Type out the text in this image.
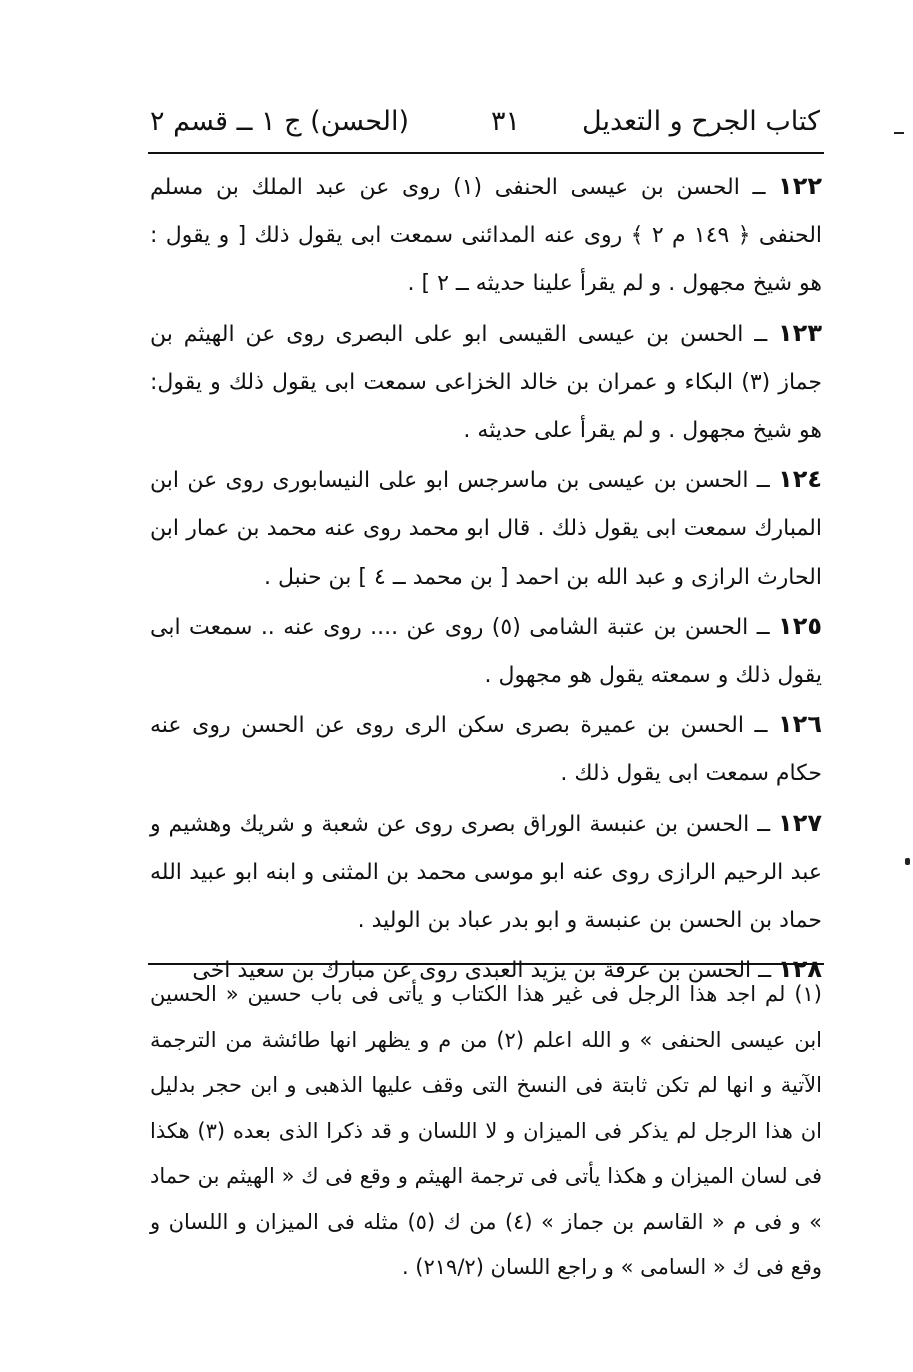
كتاب الجرح و التعديل
٣١
(الحسن) ج ١ ــ قسم ٢

١٢٢ ــ الحسن بن عيسى الحنفى (١) روى عن عبد الملك بن مسلم الحنفى ﴿ ١٤٩ م ٢ ﴾ روى عنه المدائنى سمعت ابى يقول ذلك [ و يقول : هو شيخ مجهول . و لم يقرأ علينا حديثه ــ ٢ ] .

١٢٣ ــ الحسن بن عيسى القيسى ابو على البصرى روى عن الهيثم بن جماز (٣) البكاء و عمران بن خالد الخزاعى سمعت ابى يقول ذلك و يقول: هو شيخ مجهول . و لم يقرأ على حديثه .

١٢٤ ــ الحسن بن عيسى بن ماسرجس ابو على النيسابورى روى عن ابن المبارك سمعت ابى يقول ذلك . قال ابو محمد روى عنه محمد بن عمار ابن الحارث الرازى و عبد الله بن احمد [ بن محمد ــ ٤ ] بن حنبل .

١٢٥ ــ الحسن بن عتبة الشامى (٥) روى عن .... روى عنه .. سمعت ابى يقول ذلك و سمعته يقول هو مجهول .

١٢٦ ــ الحسن بن عميرة بصرى سكن الرى روى عن الحسن روى عنه حكام سمعت ابى يقول ذلك .

١٢٧ ــ الحسن بن عنبسة الوراق بصرى روى عن شعبة و شريك وهشيم و عبد الرحيم الرازى روى عنه ابو موسى محمد بن المثنى و ابنه ابو عبيد الله حماد بن الحسن بن عنبسة و ابو بدر عباد بن الوليد .

١٢٨ ــ الحسن بن عرفة بن يزيد العبدى روى عن مبارك بن سعيد اخى

(١) لم اجد هذا الرجل فى غير هذا الكتاب و يأتى فى باب حسين « الحسين ابن عيسى الحنفى » و الله اعلم (٢) من م و يظهر انها طائشة من الترجمة الآتية و انها لم تكن ثابتة فى النسخ التى وقف عليها الذهبى و ابن حجر بدليل ان هذا الرجل لم يذكر فى الميزان و لا اللسان و قد ذكرا الذى بعده (٣) هكذا فى لسان الميزان و هكذا يأتى فى ترجمة الهيثم و وقع فى ك « الهيثم بن حماد » و فى م « القاسم بن جماز » (٤) من ك (٥) مثله فى الميزان و اللسان و وقع فى ك « السامى » و راجع اللسان (٢١٩/٢) .
